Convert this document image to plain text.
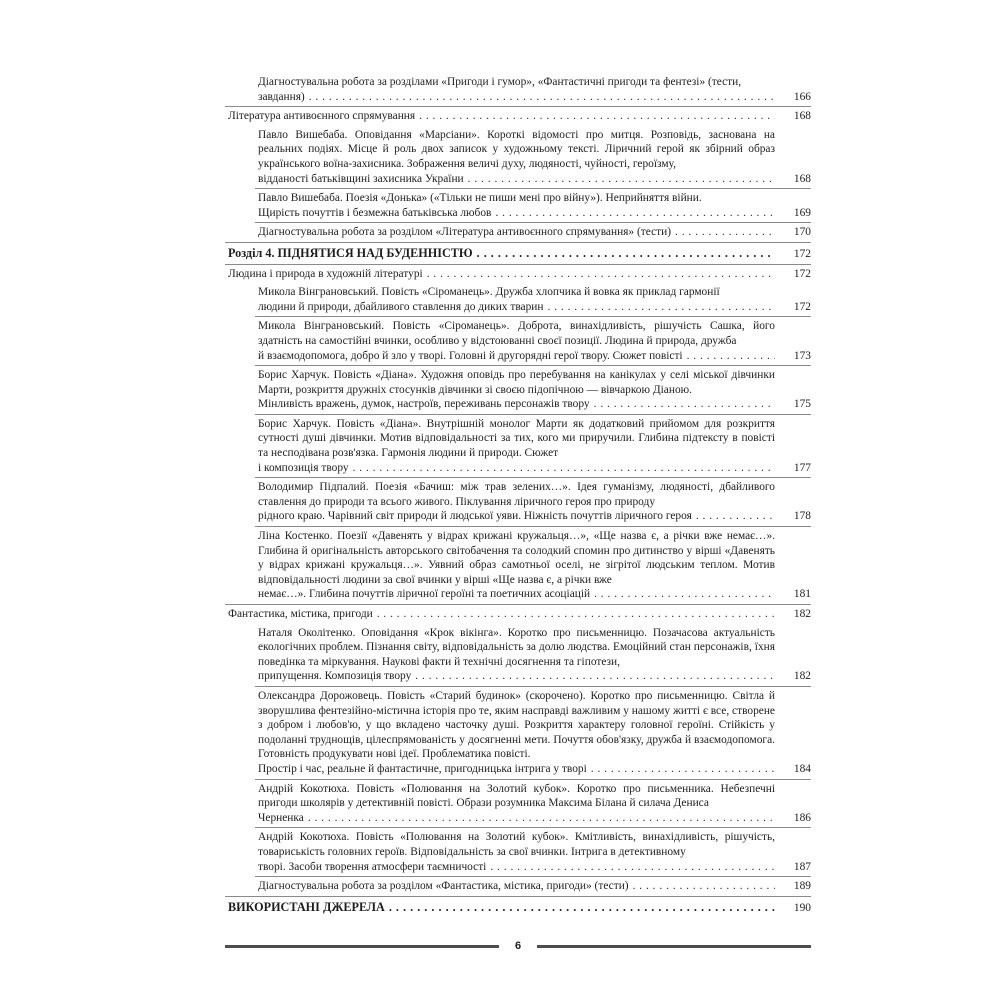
Діагностувальна робота за розділами «Пригоди і гумор», «Фантастичні пригоди та фентезі» (тести,
завдання) . . .	166
Література антивоєнного спрямування . . .	168
Павло Вишебаба. Оповідання «Марсіани». Короткі відомості про митця. Розповідь, заснована на реальних подіях. Місце й роль двох записок у художньому тексті. Ліричний герой як збірний образ українського воїна-захисника. Зображення величі духу, людяності, чуйності, героїзму,
відданості батьківщині захисника України . . .	168
Павло Вишебаба. Поезія «Донька» («Тільки не пиши мені про війну»). Неприйняття війни.
Щирість почуттів і безмежна батьківська любов . . .	169
Діагностувальна робота за розділом «Література антивоєнного спрямування» (тести) . . .	170
Розділ 4. ПІДНЯТИСЯ НАД БУДЕННІСТЮ . . .	172
Людина і природа в художній літературі . . .	172
Микола Вінграновський. Повість «Сіроманець». Дружба хлопчика й вовка як приклад гармонії
людини й природи, дбайливого ставлення до диких тварин . . .	172
Микола Вінграновський. Повість «Сіроманець». Доброта, винахідливість, рішучість Сашка, його здатність на самостійні вчинки, особливо у відстоюванні своєї позиції. Людина й природа, дружба
й взаємодопомога, добро й зло у творі. Головні й другорядні герої твору. Сюжет повісті . . .	173
Борис Харчук. Повість «Діана». Художня оповідь про перебування на канікулах у селі міської дівчинки Марти, розкриття дружніх стосунків дівчинки зі своєю підопічною — вівчаркою Діаною.
Мінливість вражень, думок, настроїв, переживань персонажів твору . . .	175
Борис Харчук. Повість «Діана». Внутрішній монолог Марти як додатковий прийомом для розкриття сутності душі дівчинки. Мотив відповідальності за тих, кого ми приручили. Глибина підтексту в повісті та несподівана розв'язка. Гармонія людини й природи. Сюжет
і композиція твору . . .	177
Володимир Підпалий. Поезія «Бачиш: між трав зелених…». Ідея гуманізму, людяності, дбайливого ставлення до природи та всього живого. Піклування ліричного героя про природу
рідного краю. Чарівний світ природи й людської уяви. Ніжність почуттів ліричного героя . . .	178
Ліна Костенко. Поезії «Давенять у відрах крижані кружальця…», «Ще назва є, а річки вже немає…». Глибина й оригінальність авторського світобачення та солодкий спомин про дитинство у вірші «Давенять у відрах крижані кружальця…». Уявний образ самотньої оселі, не зігрітої людським теплом. Мотив відповідальності людини за свої вчинки у вірші «Ще назва є, а річки вже
немає…». Глибина почуттів ліричної героїні та поетичних асоціацій . . .	181
Фантастика, містика, пригоди . . .	182
Наталя Околітенко. Оповідання «Крок вікінга». Коротко про письменницю. Позачасова актуальність екологічних проблем. Пізнання світу, відповідальність за долю людства. Емоційний стан персонажів, їхня поведінка та міркування. Наукові факти й технічні досягнення та гіпотези,
припущення. Композиція твору . . .	182
Олександра Дорожовець. Повість «Старий будинок» (скорочено). Коротко про письменницю. Світла й зворушлива фентезійно-містична історія про те, яким насправді важливим у нашому житті є все, створене з добром і любов'ю, у що вкладено часточку душі. Розкриття характеру головної героїні. Стійкість у подоланні труднощів, цілеспрямованість у досягненні мети. Почуття обов'язку, дружба й взаємодопомога. Готовність продукувати нові ідеї. Проблематика повісті.
Простір і час, реальне й фантастичне, пригодницька інтрига у творі . . .	184
Андрій Кокотюха. Повість «Полювання на Золотий кубок». Коротко про письменника. Небезпечні пригоди школярів у детективній повісті. Образи розумника Максима Білана й силача Дениса
Черненка . . .	186
Андрій Кокотюха. Повість «Полювання на Золотий кубок». Кмітливість, винахідливість, рішучість, товариськість головних героїв. Відповідальність за свої вчинки. Інтрига в детективному
творі. Засоби творення атмосфери таємничості . . .	187
Діагностувальна робота за розділом «Фантастика, містика, пригоди» (тести) . . .	189
ВИКОРИСТАНІ ДЖЕРЕЛА . . .	190
6
